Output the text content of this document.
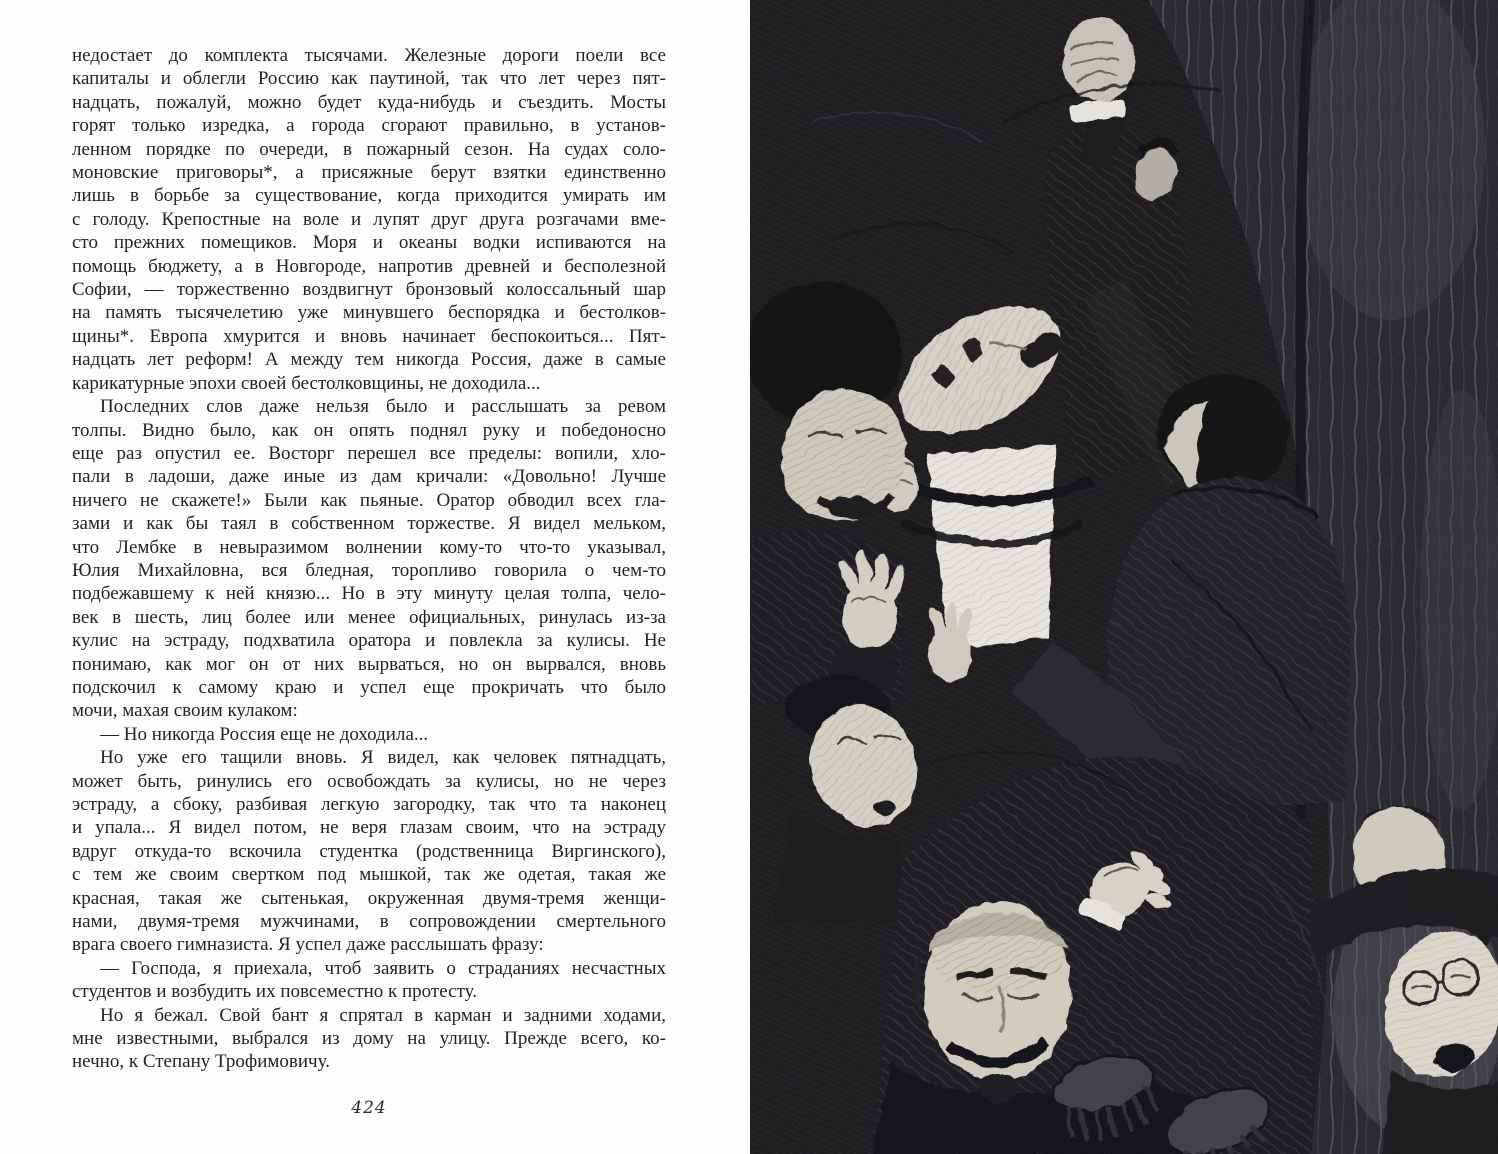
недостает до комплекта тысячами. Железные дороги поели все
капиталы и облегли Россию как паутиной, так что лет через пят-
надцать, пожалуй, можно будет куда-нибудь и съездить. Мосты
горят только изредка, а города сгорают правильно, в установ-
ленном порядке по очереди, в пожарный сезон. На судах соло-
моновские приговоры*, а присяжные берут взятки единственно
лишь в борьбе за существование, когда приходится умирать им
с голоду. Крепостные на воле и лупят друг друга розгачами вме-
сто прежних помещиков. Моря и океаны водки испиваются на
помощь бюджету, а в Новгороде, напротив древней и бесполезной
Софии, — торжественно воздвигнут бронзовый колоссальный шар
на память тысячелетию уже минувшего беспорядка и бестолков-
щины*. Европа хмурится и вновь начинает беспокоиться... Пят-
надцать лет реформ! А между тем никогда Россия, даже в самые
карикатурные эпохи своей бестолковщины, не доходила...
Последних слов даже нельзя было и расслышать за ревом
толпы. Видно было, как он опять поднял руку и победоносно
еще раз опустил ее. Восторг перешел все пределы: вопили, хло-
пали в ладоши, даже иные из дам кричали: «Довольно! Лучше
ничего не скажете!» Были как пьяные. Оратор обводил всех гла-
зами и как бы таял в собственном торжестве. Я видел мельком,
что Лембке в невыразимом волнении кому-то что-то указывал,
Юлия Михайловна, вся бледная, торопливо говорила о чем-то
подбежавшему к ней князю... Но в эту минуту целая толпа, чело-
век в шесть, лиц более или менее официальных, ринулась из-за
кулис на эстраду, подхватила оратора и повлекла за кулисы. Не
понимаю, как мог он от них вырваться, но он вырвался, вновь
подскочил к самому краю и успел еще прокричать что было
мочи, махая своим кулаком:
— Но никогда Россия еще не доходила...
Но уже его тащили вновь. Я видел, как человек пятнадцать,
может быть, ринулись его освобождать за кулисы, но не через
эстраду, а сбоку, разбивая легкую загородку, так что та наконец
и упала... Я видел потом, не веря глазам своим, что на эстраду
вдруг откуда-то вскочила студентка (родственница Виргинского),
с тем же своим свертком под мышкой, так же одетая, такая же
красная, такая же сытенькая, окруженная двумя-тремя женщи-
нами, двумя-тремя мужчинами, в сопровождении смертельного
врага своего гимназиста. Я успел даже расслышать фразу:
— Господа, я приехала, чтоб заявить о страданиях несчастных
студентов и возбудить их повсеместно к протесту.
Но я бежал. Свой бант я спрятал в карман и задними ходами,
мне известными, выбрался из дому на улицу. Прежде всего, ко-
нечно, к Степану Трофимовичу.
424
